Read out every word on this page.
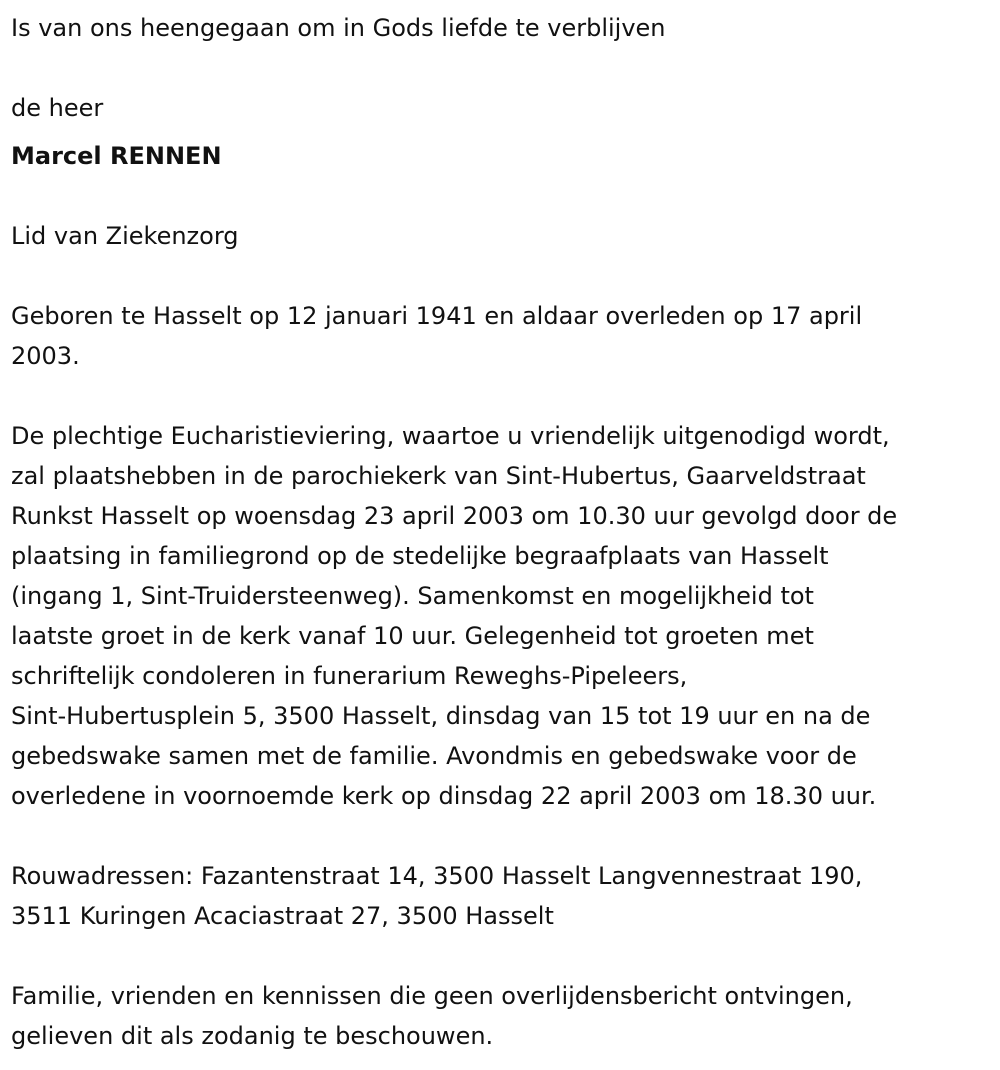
Is van ons heengegaan om in Gods liefde te verblijven

de heer

Marcel RENNEN

Lid van Ziekenzorg

Geboren te Hasselt op 12 januari 1941 en aldaar overleden op 17 april

2003.

De plechtige Eucharistieviering, waartoe u vriendelijk uitgenodigd wordt,

zal plaatshebben in de parochiekerk van Sint-Hubertus, Gaarveldstraat

Runkst Hasselt op woensdag 23 april 2003 om 10.30 uur gevolgd door de

plaatsing in familiegrond op de stedelijke begraafplaats van Hasselt

(ingang 1, Sint-Truidersteenweg). Samenkomst en mogelijkheid tot

laatste groet in de kerk vanaf 10 uur. Gelegenheid tot groeten met

schriftelijk condoleren in funerarium Reweghs-Pipeleers,

Sint-Hubertusplein 5, 3500 Hasselt, dinsdag van 15 tot 19 uur en na de

gebedswake samen met de familie. Avondmis en gebedswake voor de

overledene in voornoemde kerk op dinsdag 22 april 2003 om 18.30 uur.

Rouwadressen: Fazantenstraat 14, 3500 Hasselt Langvennestraat 190,

3511 Kuringen Acaciastraat 27, 3500 Hasselt

Familie, vrienden en kennissen die geen overlijdensbericht ontvingen,

gelieven dit als zodanig te beschouwen.
